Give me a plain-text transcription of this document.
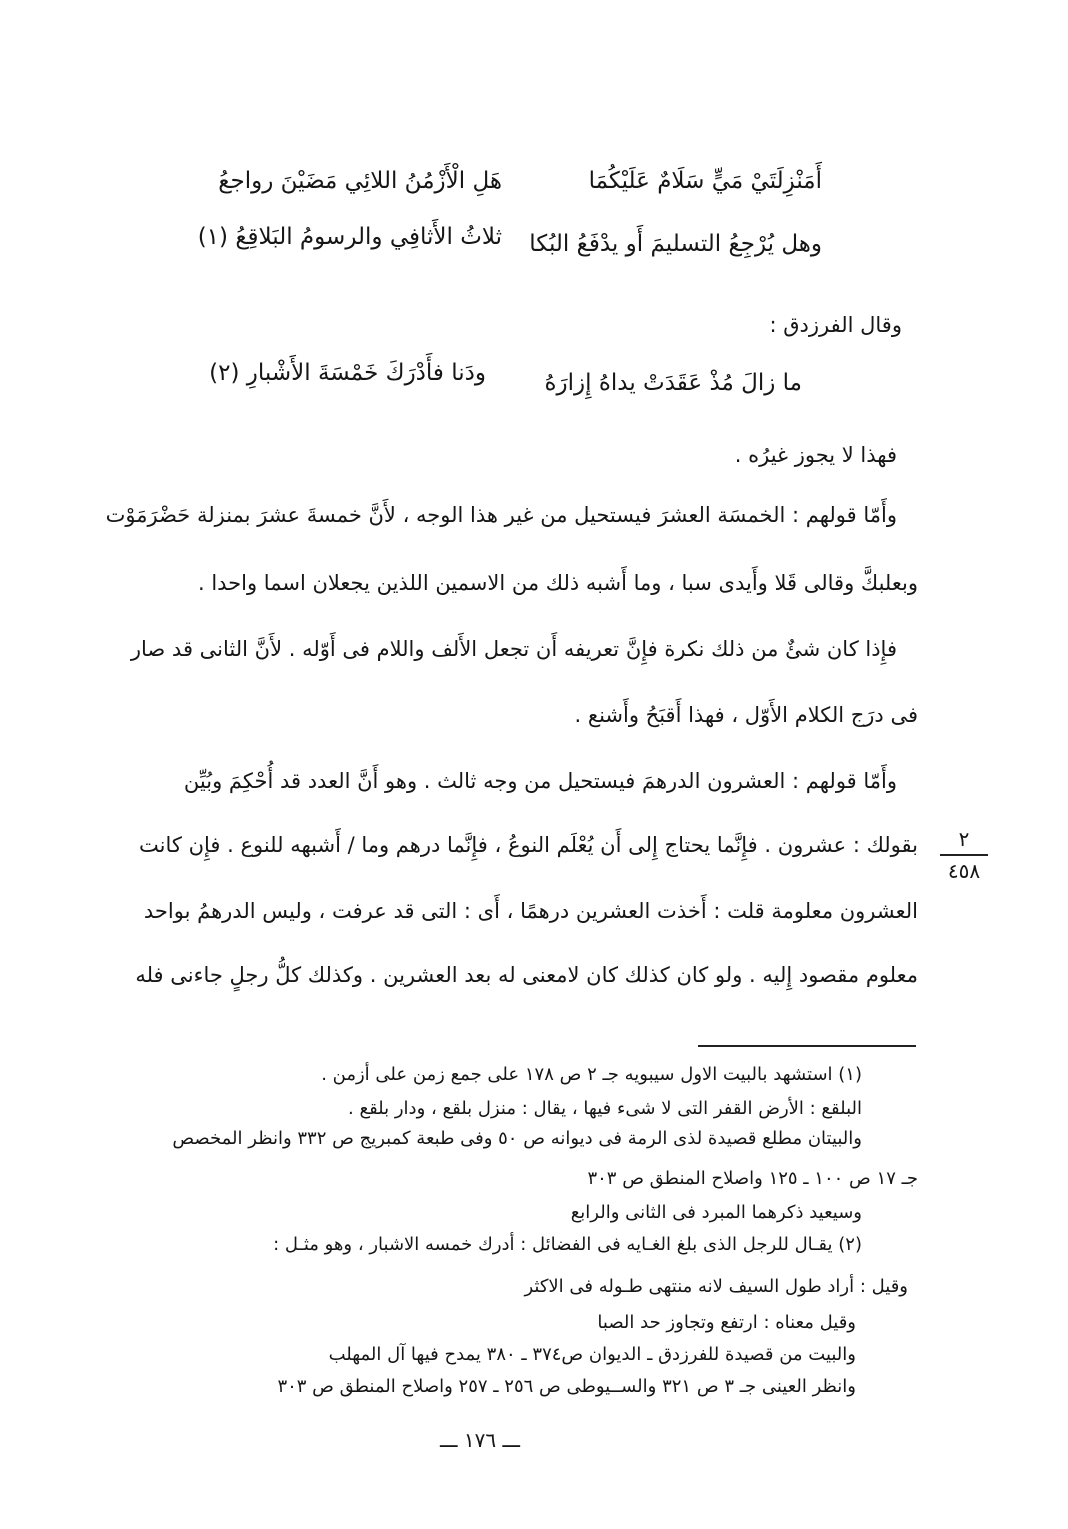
أَمَنْزِلَتَيْ مَيٍّ سَلَامٌ عَلَيْكُمَا
هَلِ الْأَزْمُنُ اللائِي مَضَيْنَ رواجعُ
وهل يُرْجِعُ التسليمَ أَو يدْفَعُ البُكا
ثلاثُ الأَثافِي والرسومُ البَلاقِعُ (١)
وقال الفرزدق :
ما زالَ مُذْ عَقَدَتْ يداهُ إِزارَهُ
ودَنا فأَدْرَكَ خَمْسَةَ الأَشْبارِ (٢)
فهذا لا يجوز غيرُه .
وأَمّا قولهم : الخمسَة العشرَ فيستحيل من غير هذا الوجه ، لأَنَّ خمسةَ عشرَ بمنزلة حَضْرَمَوْت
وبعلبكَّ وقالى قَلا وأَيدى سبا ، وما أَشبه ذلك من الاسمين اللذين يجعلان اسما واحدا .
فإِذا كان شئٌ من ذلك نكرة فإِنَّ تعريفه أَن تجعل الأَلف واللام فى أَوّله . لأَنَّ الثانى قد صار
فى درَج الكلام الأَوّل ، فهذا أَقبَحُ وأَشنع .
وأَمّا قولهم : العشرون الدرهمَ فيستحيل من وجه ثالث . وهو أَنَّ العدد قد أُحْكِمَ وبُيِّن
بقولك : عشرون . فإِنَّما يحتاج إِلى أَن يُعْلَم النوعُ ، فإِنَّما درهم وما / أَشبهه للنوع . فإِن كانت
العشرون معلومة قلت : أَخذت العشرين درهمًا ، أَى : التى قد عرفت ، وليس الدرهمُ بواحد
معلوم مقصود إِليه . ولو كان كذلك كان لامعنى له بعد العشرين . وكذلك كلُّ رجلٍ جاءنى فله
٢
٤٥٨
(١) استشهد بالبيت الاول سيبويه جـ ٢ ص ١٧٨ على جمع زمن على أزمن .
البلقع : الأرض القفر التى لا شىء فيها ، يقال : منزل بلقع ، ودار بلقع .
والبيتان مطلع قصيدة لذى الرمة فى ديوانه ص ٥٠ وفى طبعة كمبريج ص ٣٣٢ وانظر المخصص
جـ ١٧ ص ١٠٠ ـ ١٢٥ واصلاح المنطق ص ٣٠٣
وسيعيد ذكرهما المبرد فى الثانى والرابع
(٢) يقـال للرجل الذى بلغ الغـايه فى الفضائل : أدرك خمسه الاشبار ، وهو مثـل :
وقيل : أراد طول السيف لانه منتهى طـوله فى الاكثر
وقيل معناه : ارتفع وتجاوز حد الصبا
والبيت من قصيدة للفرزدق ـ الديوان ص٣٧٤ ـ ٣٨٠ يمدح فيها آل المهلب
وانظر العينى جـ ٣ ص ٣٢١ والســيوطى ص ٢٥٦ ـ ٢٥٧ واصلاح المنطق ص ٣٠٣
ـــ ١٧٦ ـــ
